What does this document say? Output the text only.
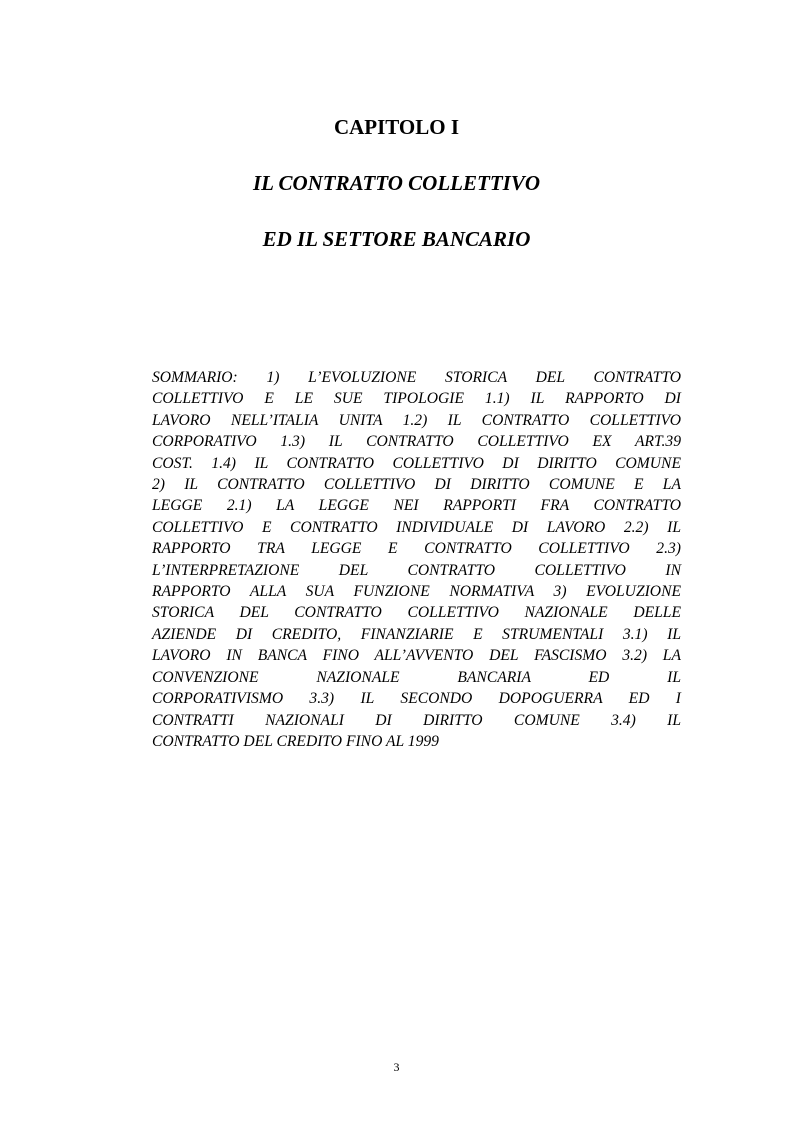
CAPITOLO I
IL CONTRATTO COLLETTIVO
ED IL SETTORE BANCARIO
SOMMARIO: 1) L’EVOLUZIONE STORICA DEL CONTRATTO
COLLETTIVO E LE SUE TIPOLOGIE 1.1) IL RAPPORTO DI
LAVORO NELL’ITALIA UNITA 1.2) IL CONTRATTO COLLETTIVO
CORPORATIVO 1.3) IL CONTRATTO COLLETTIVO EX ART.39
COST. 1.4) IL CONTRATTO COLLETTIVO DI DIRITTO COMUNE
2) IL CONTRATTO COLLETTIVO DI DIRITTO COMUNE E LA
LEGGE 2.1) LA LEGGE NEI RAPPORTI FRA CONTRATTO
COLLETTIVO E CONTRATTO INDIVIDUALE DI LAVORO 2.2) IL
RAPPORTO TRA LEGGE E CONTRATTO COLLETTIVO 2.3)
L’INTERPRETAZIONE DEL CONTRATTO COLLETTIVO IN
RAPPORTO ALLA SUA FUNZIONE NORMATIVA 3) EVOLUZIONE
STORICA DEL CONTRATTO COLLETTIVO NAZIONALE DELLE
AZIENDE DI CREDITO, FINANZIARIE E STRUMENTALI 3.1) IL
LAVORO IN BANCA FINO ALL’AVVENTO DEL FASCISMO 3.2) LA
CONVENZIONE NAZIONALE BANCARIA ED IL
CORPORATIVISMO 3.3) IL SECONDO DOPOGUERRA ED I
CONTRATTI NAZIONALI DI DIRITTO COMUNE 3.4) IL
CONTRATTO DEL CREDITO FINO AL 1999
3
